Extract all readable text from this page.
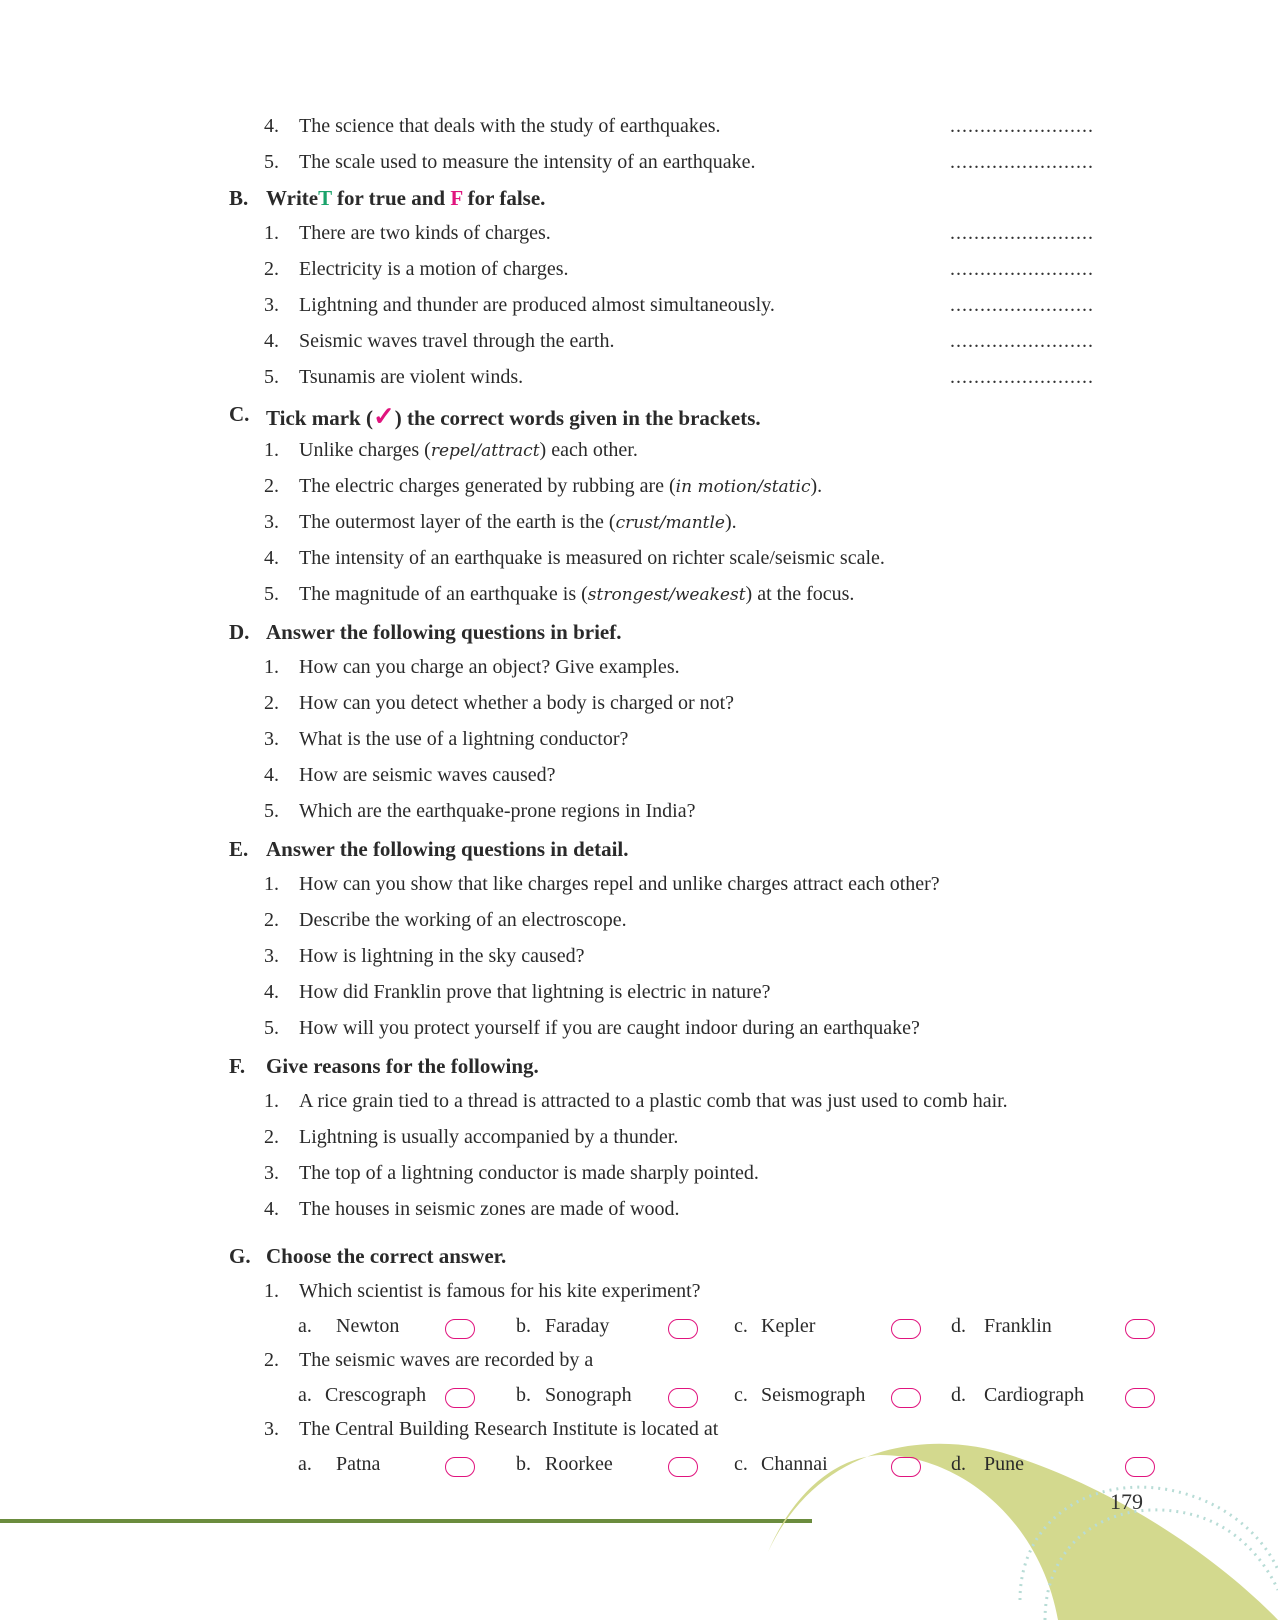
4. The science that deals with the study of earthquakes.	........................
5. The scale used to measure the intensity of an earthquake.	........................
B. WriteT for true and F for false.
1. There are two kinds of charges.	........................
2. Electricity is a motion of charges.	........................
3. Lightning and thunder are produced almost simultaneously.	........................
4. Seismic waves travel through the earth.	........................
5. Tsunamis are violent winds.	........................
C. Tick mark (✓) the correct words given in the brackets.
1. Unlike charges (repel/attract) each other.
2. The electric charges generated by rubbing are (in motion/static).
3. The outermost layer of the earth is the (crust/mantle).
4. The intensity of an earthquake is measured on richter scale/seismic scale.
5. The magnitude of an earthquake is (strongest/weakest) at the focus.
D. Answer the following questions in brief.
1. How can you charge an object? Give examples.
2. How can you detect whether a body is charged or not?
3. What is the use of a lightning conductor?
4. How are seismic waves caused?
5. Which are the earthquake-prone regions in India?
E. Answer the following questions in detail.
1. How can you show that like charges repel and unlike charges attract each other?
2. Describe the working of an electroscope.
3. How is lightning in the sky caused?
4. How did Franklin prove that lightning is electric in nature?
5. How will you protect yourself if you are caught indoor during an earthquake?
F. Give reasons for the following.
1. A rice grain tied to a thread is attracted to a plastic comb that was just used to comb hair.
2. Lightning is usually accompanied by a thunder.
3. The top of a lightning conductor is made sharply pointed.
4. The houses in seismic zones are made of wood.
G. Choose the correct answer.
1. Which scientist is famous for his kite experiment?
a. Newton	b. Faraday	c. Kepler	d. Franklin
2. The seismic waves are recorded by a
a. Crescograph	b. Sonograph	c. Seismograph	d. Cardiograph
3. The Central Building Research Institute is located at
a. Patna	b. Roorkee	c. Channai	d. Pune
179
